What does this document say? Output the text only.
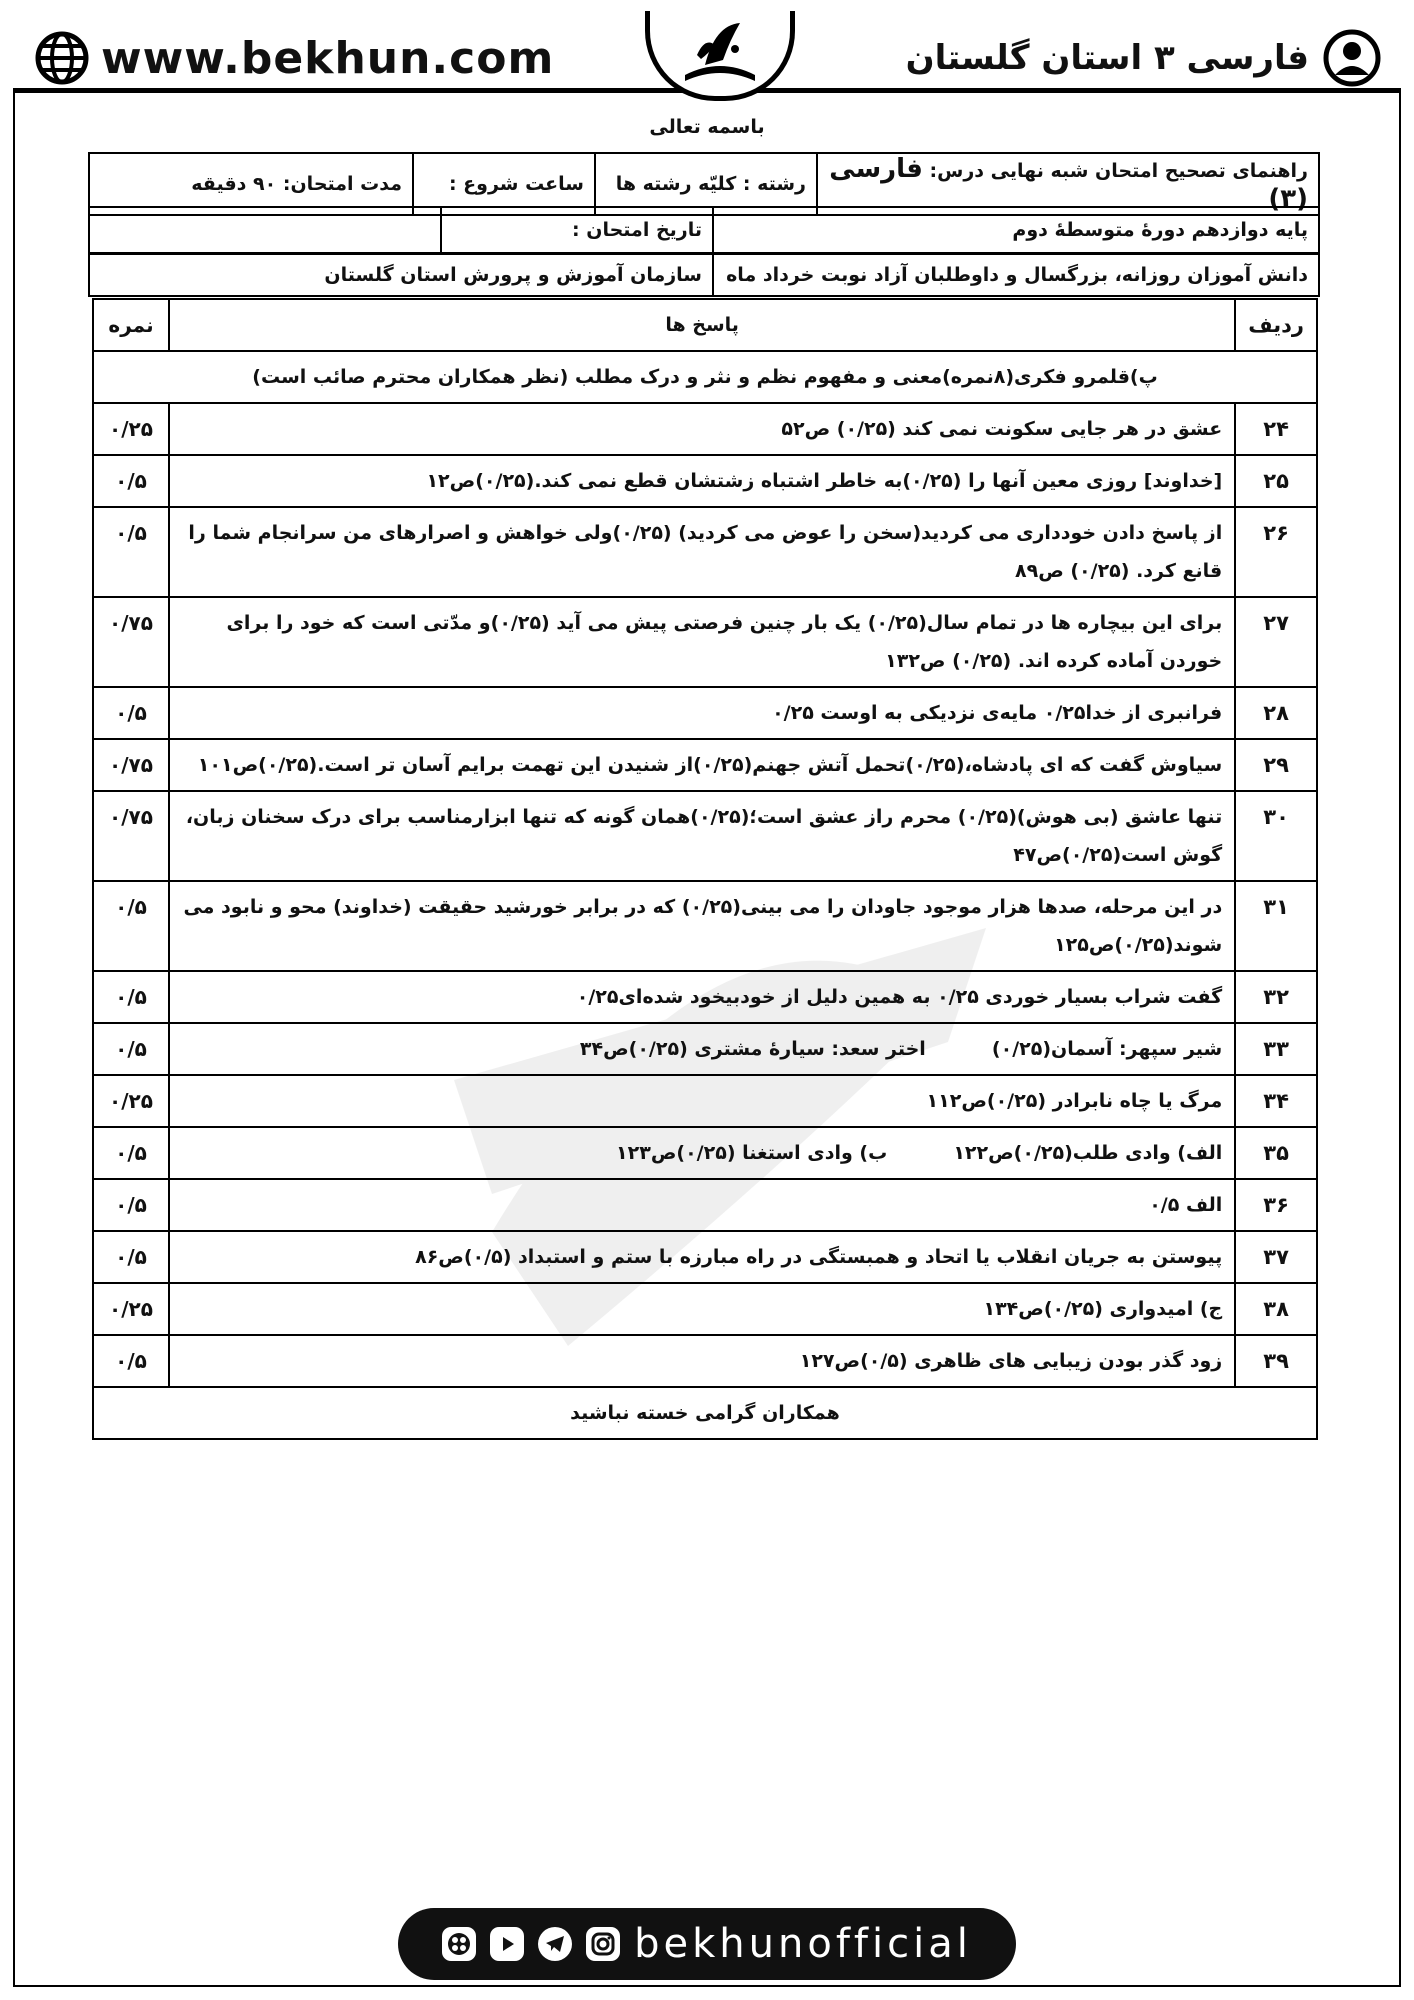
www.bekhun.com	فارسی ۳ استان گلستان
باسمه تعالی
راهنمای تصحیح امتحان شبه نهایی درس: فارسی (۳)	رشته : کلیّه رشته ها	ساعت شروع :	مدت امتحان: ۹۰ دقیقه
پایه دوازدهم دورهٔ متوسطهٔ دوم	تاریخ امتحان :	
دانش آموزان روزانه، بزرگسال و داوطلبان آزاد نوبت خرداد ماه	سازمان آموزش و پرورش استان گلستان
ردیف	پاسخ ها	نمره
پ)قلمرو فکری(۸نمره)معنی و مفهوم نظم و نثر و درک مطلب (نظر همکاران محترم صائب است)		
۲۴	عشق در هر جایی سکونت نمی کند (۰/۲۵) ص۵۲	۰/۲۵
۲۵	[خداوند] روزی معین آنها را (۰/۲۵)به خاطر اشتباه زشتشان قطع نمی کند.(۰/۲۵)ص۱۲	۰/۵
۲۶	از پاسخ دادن خودداری می کردید(سخن را عوض می کردید) (۰/۲۵)ولی خواهش و اصرارهای من سرانجام شما را قانع کرد. (۰/۲۵) ص۸۹	۰/۵
۲۷	برای این بیچاره ها در تمام سال(۰/۲۵) یک بار چنین فرصتی پیش می آید (۰/۲۵)و مدّتی است که خود را برای خوردن آماده کرده اند. (۰/۲۵) ص۱۳۲	۰/۷۵
۲۸	فرانبری از خدا۰/۲۵ مایه‌ی نزدیکی به اوست ۰/۲۵	۰/۵
۲۹	سیاوش گفت که ای پادشاه،(۰/۲۵)تحمل آتش جهنم(۰/۲۵)از شنیدن این تهمت برایم آسان تر است.(۰/۲۵)ص۱۰۱	۰/۷۵
۳۰	تنها عاشق (بی هوش)(۰/۲۵) محرم راز عشق است؛(۰/۲۵)همان گونه که تنها ابزارمناسب برای درک سخنان زبان، گوش است(۰/۲۵)ص۴۷	۰/۷۵
۳۱	در این مرحله، صدها هزار موجود جاودان را می بینی(۰/۲۵) که در برابر خورشید حقیقت (خداوند) محو و نابود می شوند(۰/۲۵)ص۱۲۵	۰/۵
۳۲	گفت شراب بسیار خوردی ۰/۲۵ به همین دلیل از خودبیخود شده‌ای۰/۲۵	۰/۵
۳۳	شیر سپهر: آسمان(۰/۲۵)          اختر سعد: سیارهٔ مشتری (۰/۲۵)ص۳۴	۰/۵
۳۴	مرگ یا چاه نابرادر (۰/۲۵)ص۱۱۲	۰/۲۵
۳۵	الف) وادی طلب(۰/۲۵)ص۱۲۲          ب) وادی استغنا (۰/۲۵)ص۱۲۳	۰/۵
۳۶	الف ۰/۵	۰/۵
۳۷	پیوستن به جریان انقلاب یا اتحاد و همبستگی در راه مبارزه با ستم و استبداد (۰/۵)ص۸۶	۰/۵
۳۸	ج) امیدواری (۰/۲۵)ص۱۳۴	۰/۲۵
۳۹	زود گذر بودن زیبایی های ظاهری (۰/۵)ص۱۲۷	۰/۵
همکاران گرامی خسته نباشید		
bekhunofficial
